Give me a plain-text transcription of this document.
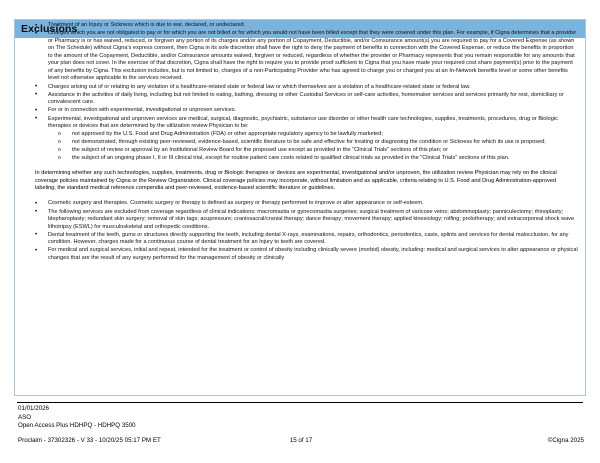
Exclusions
• Treatment of an Injury or Sickness which is due to war, declared, or undeclared.
• Charges which you are not obligated to pay or for which you are not billed or for which you would not have been billed except that they were covered under this plan. For example, if Cigna determines that a provider or Pharmacy is or has waived, reduced, or forgiven any portion of its charges and/or any portion of Copayment, Deductible, and/or Coinsurance amount(s) you are required to pay for a Covered Expense (as shown on The Schedule) without Cigna's express consent, then Cigna in its sole discretion shall have the right to deny the payment of benefits in connection with the Covered Expense, or reduce the benefits in proportion to the amount of the Copayment, Deductible, and/or Coinsurance amounts waived, forgiven or reduced, regardless of whether the provider or Pharmacy represents that you remain responsible for any amounts that your plan does not cover. In the exercise of that discretion, Cigna shall have the right to require you to provide proof sufficient to Cigna that you have made your required cost share payment(s) prior to the payment of any benefits by Cigna. This exclusion includes, but is not limited to, charges of a non-Participating Provider who has agreed to charge you or charged you at an In-Network benefits level or some other benefits level not otherwise applicable to the services received.
• Charges arising out of or relating to any violation of a healthcare-related state or federal law or which themselves are a violation of a healthcare-related state or federal law.
• Assistance in the activities of daily living, including but not limited to eating, bathing, dressing or other Custodial Services or self-care activities, homemaker services and services primarily for rest, domiciliary or convalescent care.
• For or in connection with experimental, investigational or unproven services.
• Experimental, investigational and unproven services are medical, surgical, diagnostic, psychiatric, substance use disorder or other health care technologies, supplies, treatments, procedures, drug or Biologic therapies or devices that are determined by the utilization review Physician to be:
o not approved by the U.S. Food and Drug Administration (FDA) or other appropriate regulatory agency to be lawfully marketed;
o not demonstrated, through existing peer-reviewed, evidence-based, scientific literature to be safe and effective for treating or diagnosing the condition or Sickness for which its use is proposed;
o the subject of review or approval by an Institutional Review Board for the proposed use except as provided in the "Clinical Trials" sections of this plan; or
o the subject of an ongoing phase I, II or III clinical trial, except for routine patient care costs related to qualified clinical trials as provided in the "Clinical Trials" sections of this plan.

In determining whether any such technologies, supplies, treatments, drug or Biologic therapies or devices are experimental, investigational and/or unproven, the utilization review Physician may rely on the clinical coverage policies maintained by Cigna or the Review Organization. Clinical coverage policies may incorporate, without limitation and as applicable, criteria relating to U.S. Food and Drug Administration-approved labeling, the standard medical reference compendia and peer-reviewed, evidence-based scientific literature or guidelines.

• Cosmetic surgery and therapies. Cosmetic surgery or therapy is defined as surgery or therapy performed to improve or alter appearance or self-esteem.
• The following services are excluded from coverage regardless of clinical indications: macromastia or gynecomastia surgeries; surgical treatment of varicose veins; abdominoplasty; panniculectomy; rhinoplasty; blepharoplasty; redundant skin surgery; removal of skin tags; acupressure; craniosacral/cranial therapy; dance therapy; movement therapy; applied kinesiology; rolfing; prolotherapy; and extracorporeal shock wave lithotripsy (ESWL) for musculoskeletal and orthopedic conditions.
• Dental treatment of the teeth, gums or structures directly supporting the teeth, including dental X-rays, examinations, repairs, orthodontics, periodontics, casts, splints and services for dental malocclusion, for any condition. However, charges made for a continuous course of dental treatment for an Injury to teeth are covered.
• For medical and surgical services, initial and repeat, intended for the treatment or control of obesity including clinically severe (morbid) obesity, including: medical and surgical services to alter appearance or physical changes that are the result of any surgery performed for the management of obesity or clinically
01/01/2026
ASO
Open Access Plus HDHPQ - HDHPQ 3500
Proclaim - 37302326 - V 33 - 10/20/25 05:17 PM ET	15 of 17	©Cigna 2025
